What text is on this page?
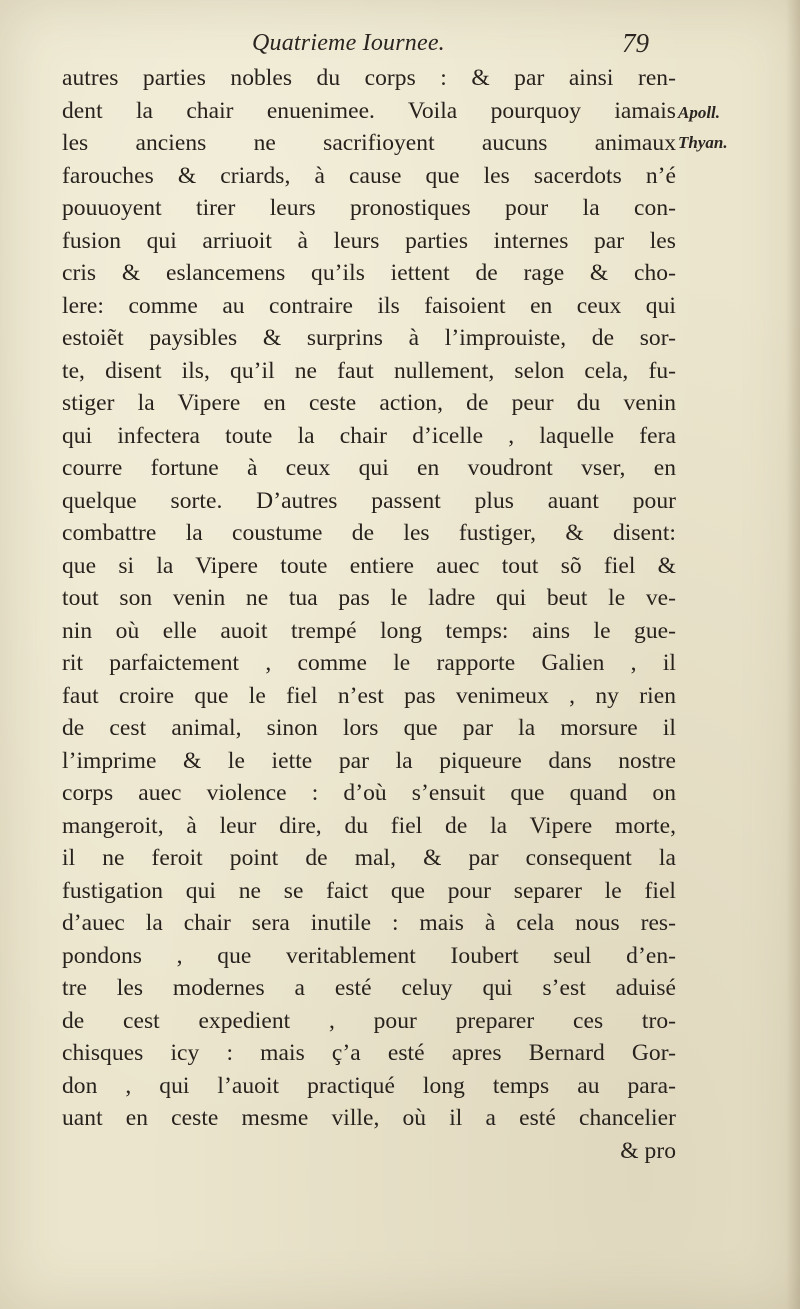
Quatrieme Iournee.	79
Apoll.
Thyan.
autres parties nobles du corps : & par ainsi ren-
dent la chair enuenimee. Voila pourquoy iamais
les anciens ne sacrifioyent aucuns animaux
farouches & criards, à cause que les sacerdots n’é
pouuoyent tirer leurs pronostiques pour la con-
fusion qui arriuoit à leurs parties internes par les
cris & eslancemens qu’ils iettent de rage & cho-
lere: comme au contraire ils faisoient en ceux qui
estoiẽt paysibles & surprins à l’improuiste, de sor-
te, disent ils, qu’il ne faut nullement, selon cela, fu-
stiger la Vipere en ceste action, de peur du venin
qui infectera toute la chair d’icelle , laquelle fera
courre fortune à ceux qui en voudront vser, en
quelque sorte. D’autres passent plus auant pour
combattre la coustume de les fustiger, & disent:
que si la Vipere toute entiere auec tout sõ fiel &
tout son venin ne tua pas le ladre qui beut le ve-
nin où elle auoit trempé long temps: ains le gue-
rit parfaictement , comme le rapporte Galien , il
faut croire que le fiel n’est pas venimeux , ny rien
de cest animal, sinon lors que par la morsure il
l’imprime & le iette par la piqueure dans nostre
corps auec violence : d’où s’ensuit que quand on
mangeroit, à leur dire, du fiel de la Vipere morte,
il ne feroit point de mal, & par consequent la
fustigation qui ne se faict que pour separer le fiel
d’auec la chair sera inutile : mais à cela nous res-
pondons , que veritablement Ioubert seul d’en-
tre les modernes a esté celuy qui s’est aduisé
de cest expedient , pour preparer ces tro-
chisques icy : mais ç’a esté apres Bernard Gor-
don , qui l’auoit practiqué long temps au para-
uant en ceste mesme ville, où il a esté chancelier
& pro
